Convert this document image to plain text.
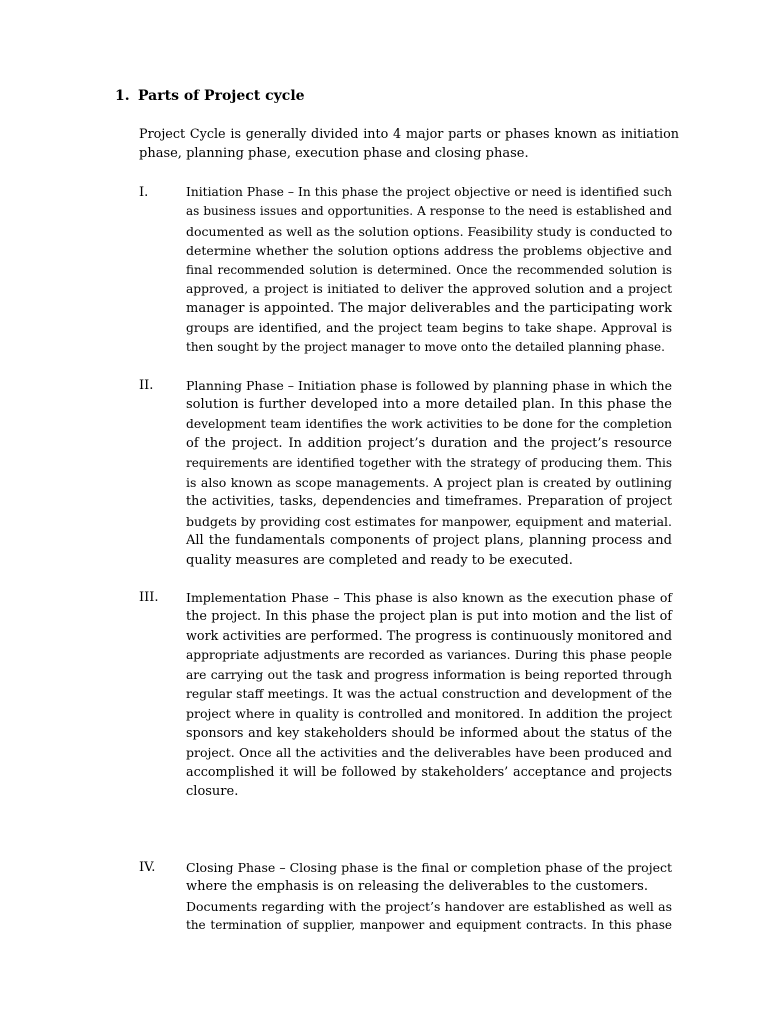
1. Parts of Project cycle
Project Cycle is generally divided into 4 major parts or phases known as initiation
phase, planning phase, execution phase and closing phase.
I.	Initiation Phase – In this phase the project objective or need is identified such
as business issues and opportunities. A response to the need is established and
documented as well as the solution options. Feasibility study is conducted to
determine whether the solution options address the problems objective and
final recommended solution is determined. Once the recommended solution is
approved, a project is initiated to deliver the approved solution and a project
manager is appointed. The major deliverables and the participating work
groups are identified, and the project team begins to take shape. Approval is
then sought by the project manager to move onto the detailed planning phase.
II.	Planning Phase – Initiation phase is followed by planning phase in which the
solution is further developed into a more detailed plan. In this phase the
development team identifies the work activities to be done for the completion
of the project. In addition project’s duration and the project’s resource
requirements are identified together with the strategy of producing them. This
is also known as scope managements. A project plan is created by outlining
the activities, tasks, dependencies and timeframes. Preparation of project
budgets by providing cost estimates for manpower, equipment and material.
All the fundamentals components of project plans, planning process and
quality measures are completed and ready to be executed.
III. Implementation Phase – This phase is also known as the execution phase of
the project. In this phase the project plan is put into motion and the list of
work activities are performed. The progress is continuously monitored and
appropriate adjustments are recorded as variances. During this phase people
are carrying out the task and progress information is being reported through
regular staff meetings. It was the actual construction and development of the
project where in quality is controlled and monitored. In addition the project
sponsors and key stakeholders should be informed about the status of the
project. Once all the activities and the deliverables have been produced and
accomplished it will be followed by stakeholders’ acceptance and projects
closure.
IV. Closing Phase – Closing phase is the final or completion phase of the project
where the emphasis is on releasing the deliverables to the customers.
Documents regarding with the project’s handover are established as well as
the termination of supplier, manpower and equipment contracts. In this phase
